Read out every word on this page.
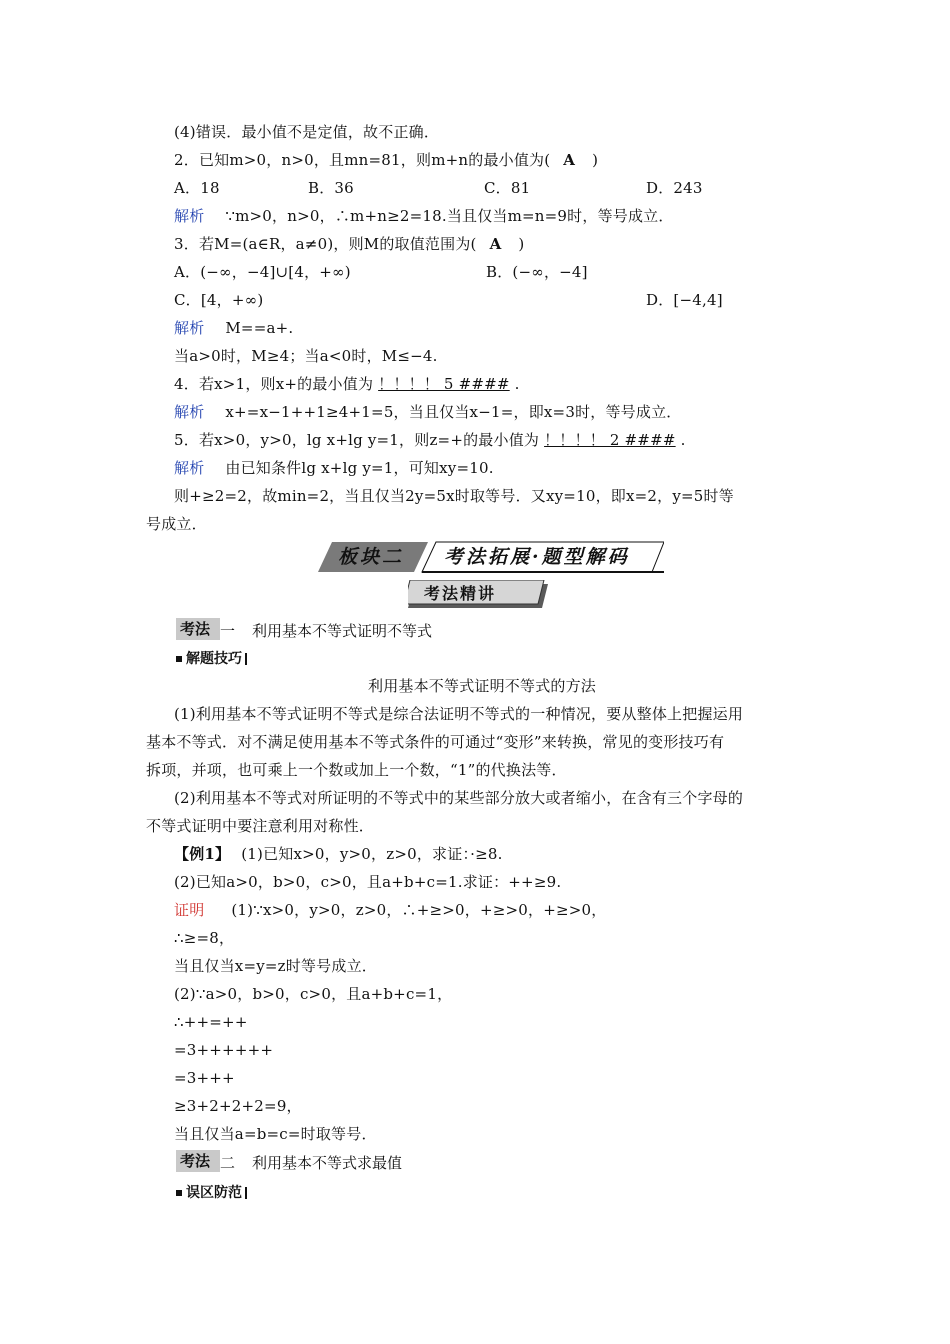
(4)错误．最小值不是定值，故不正确．
2．已知m>0，n>0，且mn=81，则m+n的最小值为( A )
A．18	B．36	C．81	D．243
解析 ∵m>0，n>0，∴m+n≥2=18.当且仅当m=n=9时，等号成立．
3．若M=(a∈R，a≠0)，则M的取值范围为( A )
A．(−∞，−4]∪[4，+∞)	B．(−∞，−4]
C．[4，+∞)	D．[−4,4]
解析 M==a+.
当a>0时，M≥4；当a<0时，M≤−4.
4．若x>1，则x+的最小值为 ！！！！ 5 #### .
解析 x+=x−1++1≥4+1=5，当且仅当x−1=，即x=3时，等号成立．
5．若x>0，y>0，lg x+lg y=1，则z=+的最小值为 ！！！！ 2 #### .
解析 由已知条件lg x+lg y=1，可知xy=10.
则+≥2=2，故min=2，当且仅当2y=5x时取等号．又xy=10，即x=2，y=5时等
号成立．
板块二 考法拓展·题型解码
考法精讲
考法 一 利用基本不等式证明不等式
解题技巧
利用基本不等式证明不等式的方法
(1)利用基本不等式证明不等式是综合法证明不等式的一种情况，要从整体上把握运用
基本不等式．对不满足使用基本不等式条件的可通过“变形”来转换，常见的变形技巧有
拆项，并项，也可乘上一个数或加上一个数，“1”的代换法等．
(2)利用基本不等式对所证明的不等式中的某些部分放大或者缩小，在含有三个字母的
不等式证明中要注意利用对称性．
【例1】 (1)已知x>0，y>0，z>0，求证：·≥8.
(2)已知a>0，b>0，c>0，且a+b+c=1.求证：++≥9.
证明 (1)∵x>0，y>0，z>0，∴+≥>0，+≥>0，+≥>0，
∴≥=8，
当且仅当x=y=z时等号成立．
(2)∵a>0，b>0，c>0，且a+b+c=1，
∴++=++
=3++++++
=3+++
≥3+2+2+2=9，
当且仅当a=b=c=时取等号．
考法 二 利用基本不等式求最值
误区防范
